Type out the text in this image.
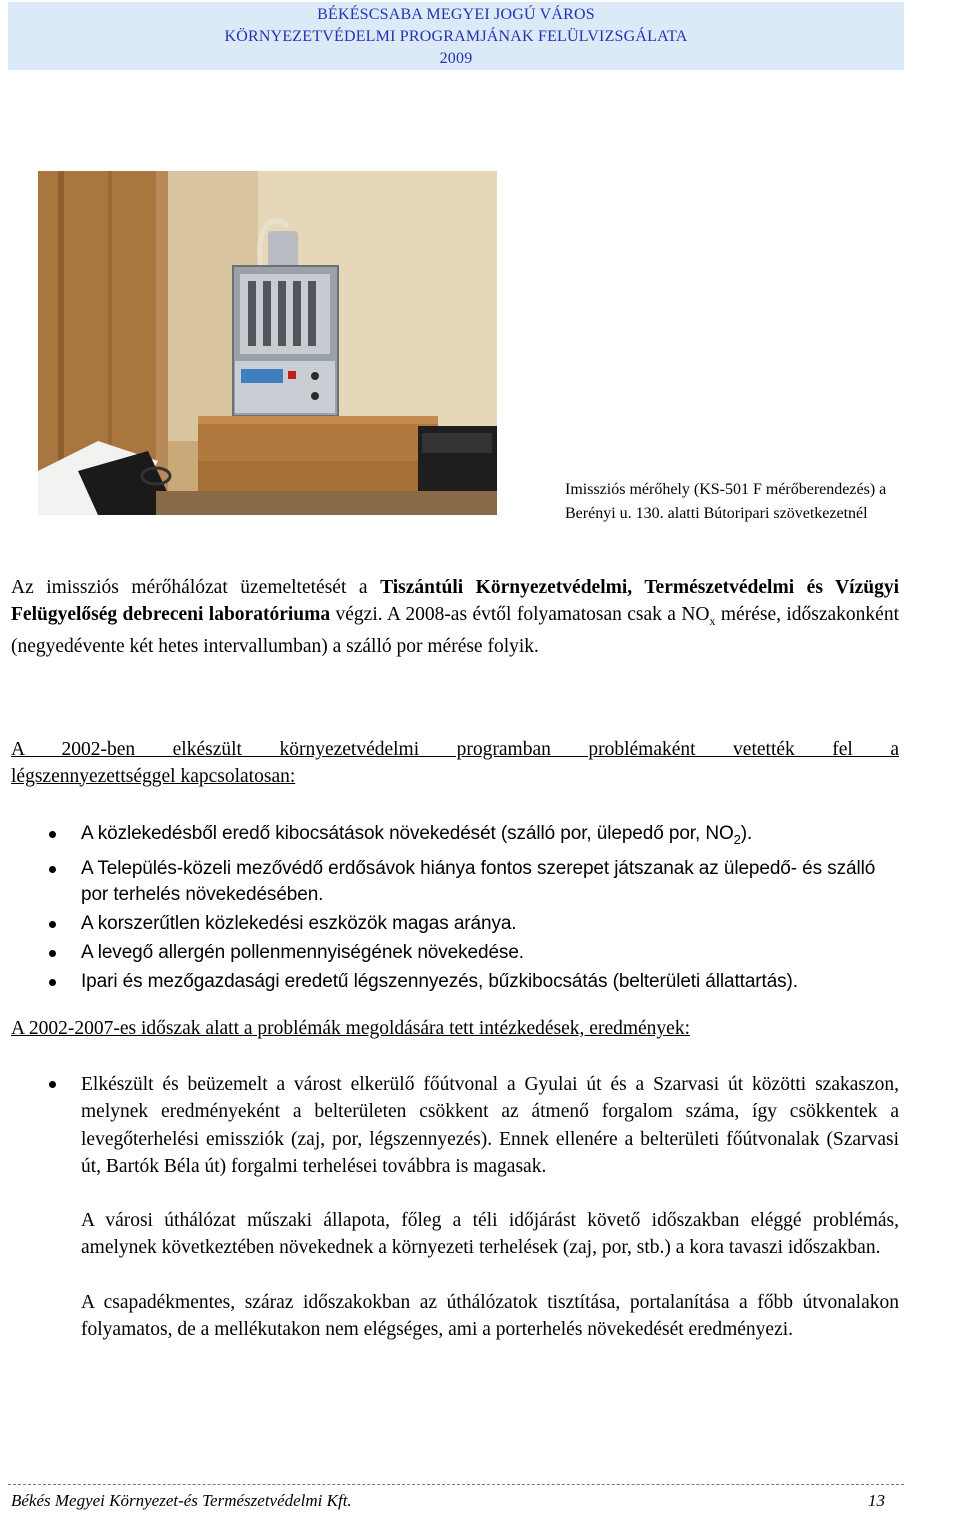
BÉKÉSCSABA MEGYEI JOGÚ VÁROS
KÖRNYEZETVÉDELMI PROGRAMJÁNAK FELÜLVIZSGÁLATA
2009
Imissziós mérőhely (KS-501 F mérőberendezés) a
Berényi u. 130. alatti Bútoripari szövetkezetnél
Az imissziós mérőhálózat üzemeltetését a Tiszántúli Környezetvédelmi, Természetvédelmi és Vízügyi Felügyelőség debreceni laboratóriuma végzi. A 2008-as évtől folyamatosan csak a $NO_x$ mérése, időszakonként (negyedévente két hetes intervallumban) a szálló por mérése folyik.
A 2002-ben elkészült környezetvédelmi programban problémaként vetették fel a
légszennyezettséggel kapcsolatosan:
A közlekedésből eredő kibocsátások növekedését (szálló por, ülepedő por, $NO_2$).
A Település-közeli mezővédő erdősávok hiánya fontos szerepet játszanak az ülepedő- és szálló por terhelés növekedésében.
A korszerűtlen közlekedési eszközök magas aránya.
A levegő allergén pollenmennyiségének növekedése.
Ipari és mezőgazdasági eredetű légszennyezés, bűzkibocsátás (belterületi állattartás).
A 2002-2007-es időszak alatt a problémák megoldására tett intézkedések, eredmények:
Elkészült és beüzemelt a várost elkerülő főútvonal a Gyulai út és a Szarvasi út közötti szakaszon, melynek eredményeként a belterületen csökkent az átmenő forgalom száma, így csökkentek a levegőterhelési emissziók (zaj, por, légszennyezés). Ennek ellenére a belterületi főútvonalak (Szarvasi út, Bartók Béla út) forgalmi terhelései továbbra is magasak.
A városi úthálózat műszaki állapota, főleg a téli időjárást követő időszakban eléggé problémás, amelynek következtében növekednek a környezeti terhelések (zaj, por, stb.) a kora tavaszi időszakban.
A csapadékmentes, száraz időszakokban az úthálózatok tisztítása, portalanítása a főbb útvonalakon folyamatos, de a mellékutakon nem elégséges, ami a porterhelés növekedését eredményezi.
Békés Megyei Környezet-és Természetvédelmi Kft.	13
